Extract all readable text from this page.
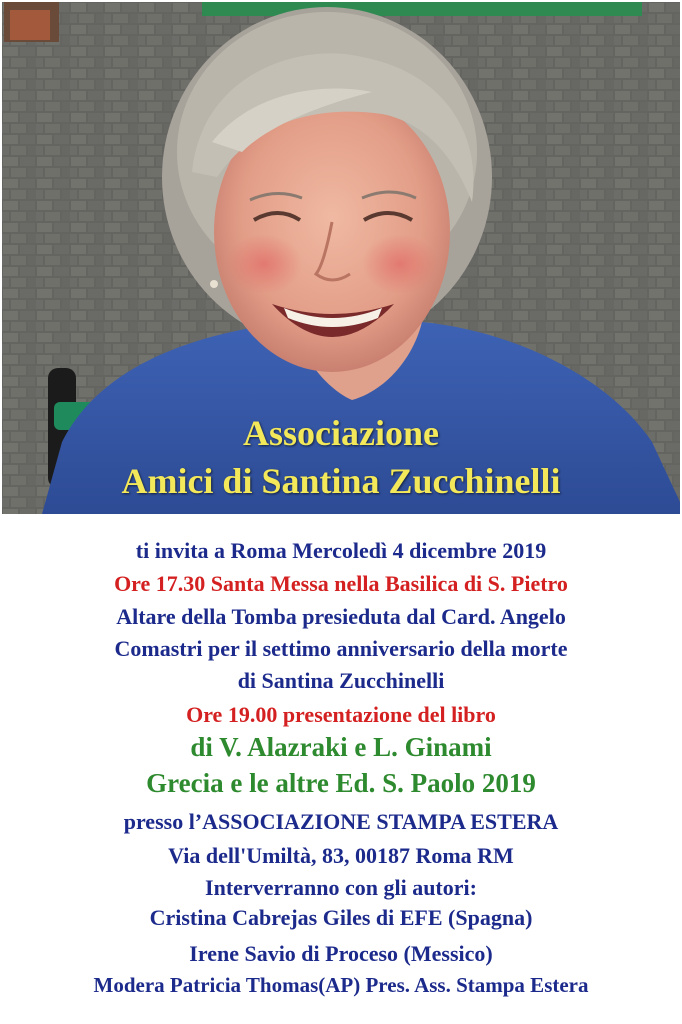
Associazione
Amici di Santina Zucchinelli
ti invita a Roma Mercoledì 4 dicembre 2019
Ore 17.30 Santa Messa nella Basilica di S. Pietro
Altare della Tomba presieduta dal Card. Angelo
Comastri per il settimo anniversario della morte
di Santina Zucchinelli
Ore 19.00 presentazione del libro
di V. Alazraki e L. Ginami
Grecia e le altre Ed. S. Paolo 2019
presso l’ASSOCIAZIONE STAMPA ESTERA
Via dell'Umiltà, 83, 00187 Roma RM
Interverranno con gli autori:
Cristina Cabrejas Giles di EFE (Spagna)
Irene Savio di Proceso (Messico)
Modera Patricia Thomas(AP) Pres. Ass. Stampa Estera
